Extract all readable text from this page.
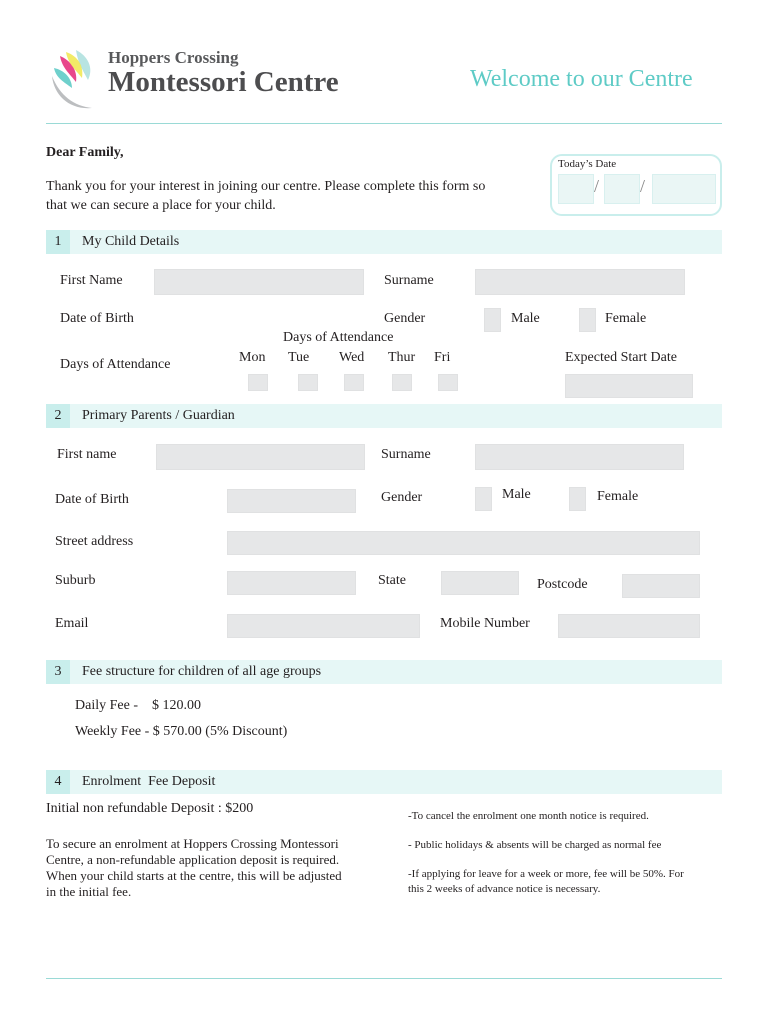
Hoppers Crossing
Montessori Centre	Welcome to our Centre
Dear Family,
Thank you for your interest in joining our centre. Please complete this form so
that we can secure a place for your child.
Today’s Date
/ /
1	My Child Details
First Name	Surname
Date of Birth	Gender	Male	Female
Days of Attendance
Days of Attendance	Mon Tue Wed Thur Fri	Expected Start Date
2	Primary Parents / Guardian
First name	Surname
Date of Birth	Gender	Male	Female
Street address
Suburb	State	Postcode
Email	Mobile Number
3	Fee structure for children of all age groups
Daily Fee -    $ 120.00
Weekly Fee - $ 570.00 (5% Discount)
4	Enrolment  Fee Deposit
Initial non refundable Deposit : $200
To secure an enrolment at Hoppers Crossing Montessori
Centre, a non-refundable application deposit is required.
When your child starts at the centre, this will be adjusted
in the initial fee.
-To cancel the enrolment one month notice is required.
- Public holidays & absents will be charged as normal fee
-If applying for leave for a week or more, fee will be 50%. For
this 2 weeks of advance notice is necessary.
